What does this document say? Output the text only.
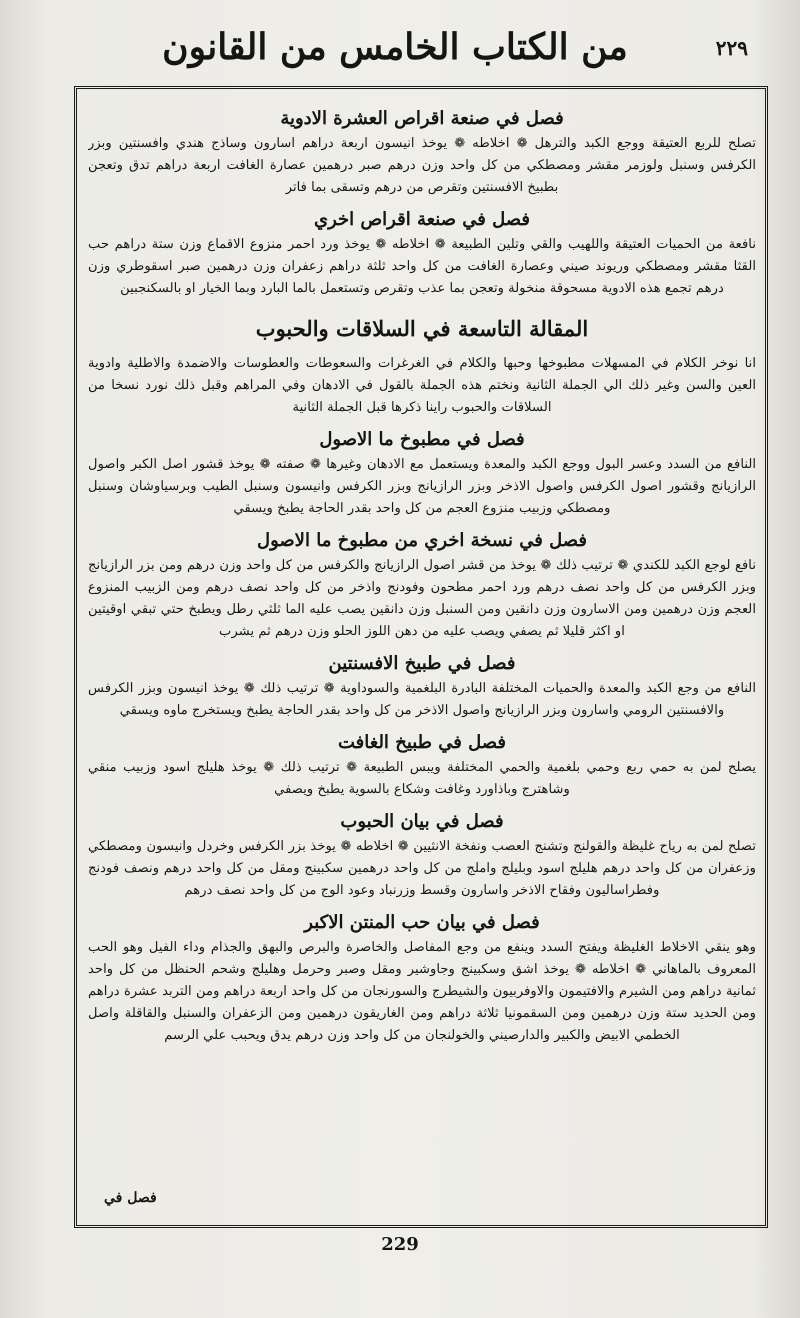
من الكتاب الخامس من القانون	٢٢٩
فصل في صنعة اقراص العشرة الادوية

تصلح للربع العتيقة ووجع الكبد والترهل ❁ اخلاطه ❁ يوخذ انيسون اربعة دراهم اسارون وساذج هندي وافسنتين وبزر الكرفس وسنبل ولوزمر مقشر ومصطكي من كل واحد وزن درهم صبر درهمين عصارة الغافت اربعة دراهم تدق وتعجن بطبيخ الافسنتين وتقرص من درهم وتسقى بما فاتر

فصل في صنعة اقراص اخري

نافعة من الحميات العتيقة واللهيب والقي وتلين الطبيعة ❁ اخلاطه ❁ يوخذ ورد احمر منزوع الاقماع وزن ستة دراهم حب القثا مقشر ومصطكي وريوند صيني وعصارة الغافت من كل واحد ثلثة دراهم زعفران وزن درهمين صبر اسقوطري وزن درهم تجمع هذه الادوية مسحوقة منخولة وتعجن بما عذب وتقرص وتستعمل بالما البارد وبما الخيار او بالسكنجبين

المقالة التاسعة في السلاقات والحبوب

انا نوخر الكلام في المسهلات مطبوخها وحبها والكلام في الغرغرات والسعوطات والعطوسات والاضمدة والاطلية وادوية العين والسن وغير ذلك الي الجملة الثانية ونختم هذه الجملة بالقول في الادهان وفي المراهم وقبل ذلك نورد نسخا من السلاقات والحبوب راينا ذكرها قبل الجملة الثانية

فصل في مطبوخ ما الاصول

النافع من السدد وعسر البول ووجع الكبد والمعدة ويستعمل مع الادهان وغيرها ❁ صفته ❁ يوخذ قشور اصل الكبر واصول الرازيانج وقشور اصول الكرفس واصول الاذخر وبزر الرازيانج وبزر الكرفس وانيسون وسنبل الطيب وبرسياوشان وسنبل ومصطكي وزبيب منزوع العجم من كل واحد بقدر الحاجة يطبخ ويسقي

فصل في نسخة اخري من مطبوخ ما الاصول

نافع لوجع الكبد للكندي ❁ ترتيب ذلك ❁ يوخذ من قشر اصول الرازيانج والكرفس من كل واحد وزن درهم ومن بزر الرازيانج وبزر الكرفس من كل واحد نصف درهم ورد احمر مطحون وفودنج واذخر من كل واحد نصف درهم ومن الزبيب المنزوع العجم وزن درهمين ومن الاسارون وزن دانقين ومن السنبل وزن دانقين يصب عليه الما ثلثي رطل ويطبخ حتي تبقي اوقيتين او اكثر قليلا ثم يصفي ويصب عليه من دهن اللوز الحلو وزن درهم ثم يشرب

فصل في طبيخ الافسنتين

النافع من وجع الكبد والمعدة والحميات المختلفة البادرة البلغمية والسوداوية ❁ ترتيب ذلك ❁ يوخذ انيسون وبزر الكرفس والافسنتين الرومي واسارون وبزر الرازيانج واصول الاذخر من كل واحد بقدر الحاجة يطبخ ويستخرج ماوه ويسقي

فصل في طبيخ الغافت

يصلح لمن به حمي ربع وحمي بلغمية والحمي المختلفة ويبس الطبيعة ❁ ترتيب ذلك ❁ يوخذ هليلج اسود وزبيب منقي وشاهترج وباذاورد وغافت وشكاع بالسوية يطبخ ويصفي

فصل في بيان الحبوب

تصلح لمن به رياح غليظة والقولنج وتشنج العصب ونفخة الانثيين ❁ اخلاطه ❁ يوخذ بزر الكرفس وخردل وانيسون ومصطكي وزعفران من كل واحد درهم هليلج اسود وبليلج واملج من كل واحد درهمين سكبينج ومقل من كل واحد درهم ونصف فودنج وفطراساليون وفقاح الاذخر واسارون وقسط وزرنباد وعود الوج من كل واحد نصف درهم

فصل في بيان حب المنتن الاكبر

وهو ينقي الاخلاط الغليظة ويفتح السدد وينفع من وجع المفاصل والخاصرة والبرص والبهق والجذام وداء الفيل وهو الحب المعروف بالماهاني ❁ اخلاطه ❁ يوخذ اشق وسكبينج وجاوشير ومقل وصبر وحرمل وهليلج وشحم الحنظل من كل واحد ثمانية دراهم ومن الشيرم والافتيمون والاوفربيون والشيطرج والسورنجان من كل واحد اربعة دراهم ومن التربد عشرة دراهم ومن الحديد ستة وزن درهمين ومن السقمونيا ثلاثة دراهم ومن الغاريقون درهمين ومن الزعفران والسنبل والقاقلة واصل الخطمي الابيض والكبير والدارصيني والخولنجان من كل واحد وزن درهم يدق ويحبب علي الرسم

فصل في
229
